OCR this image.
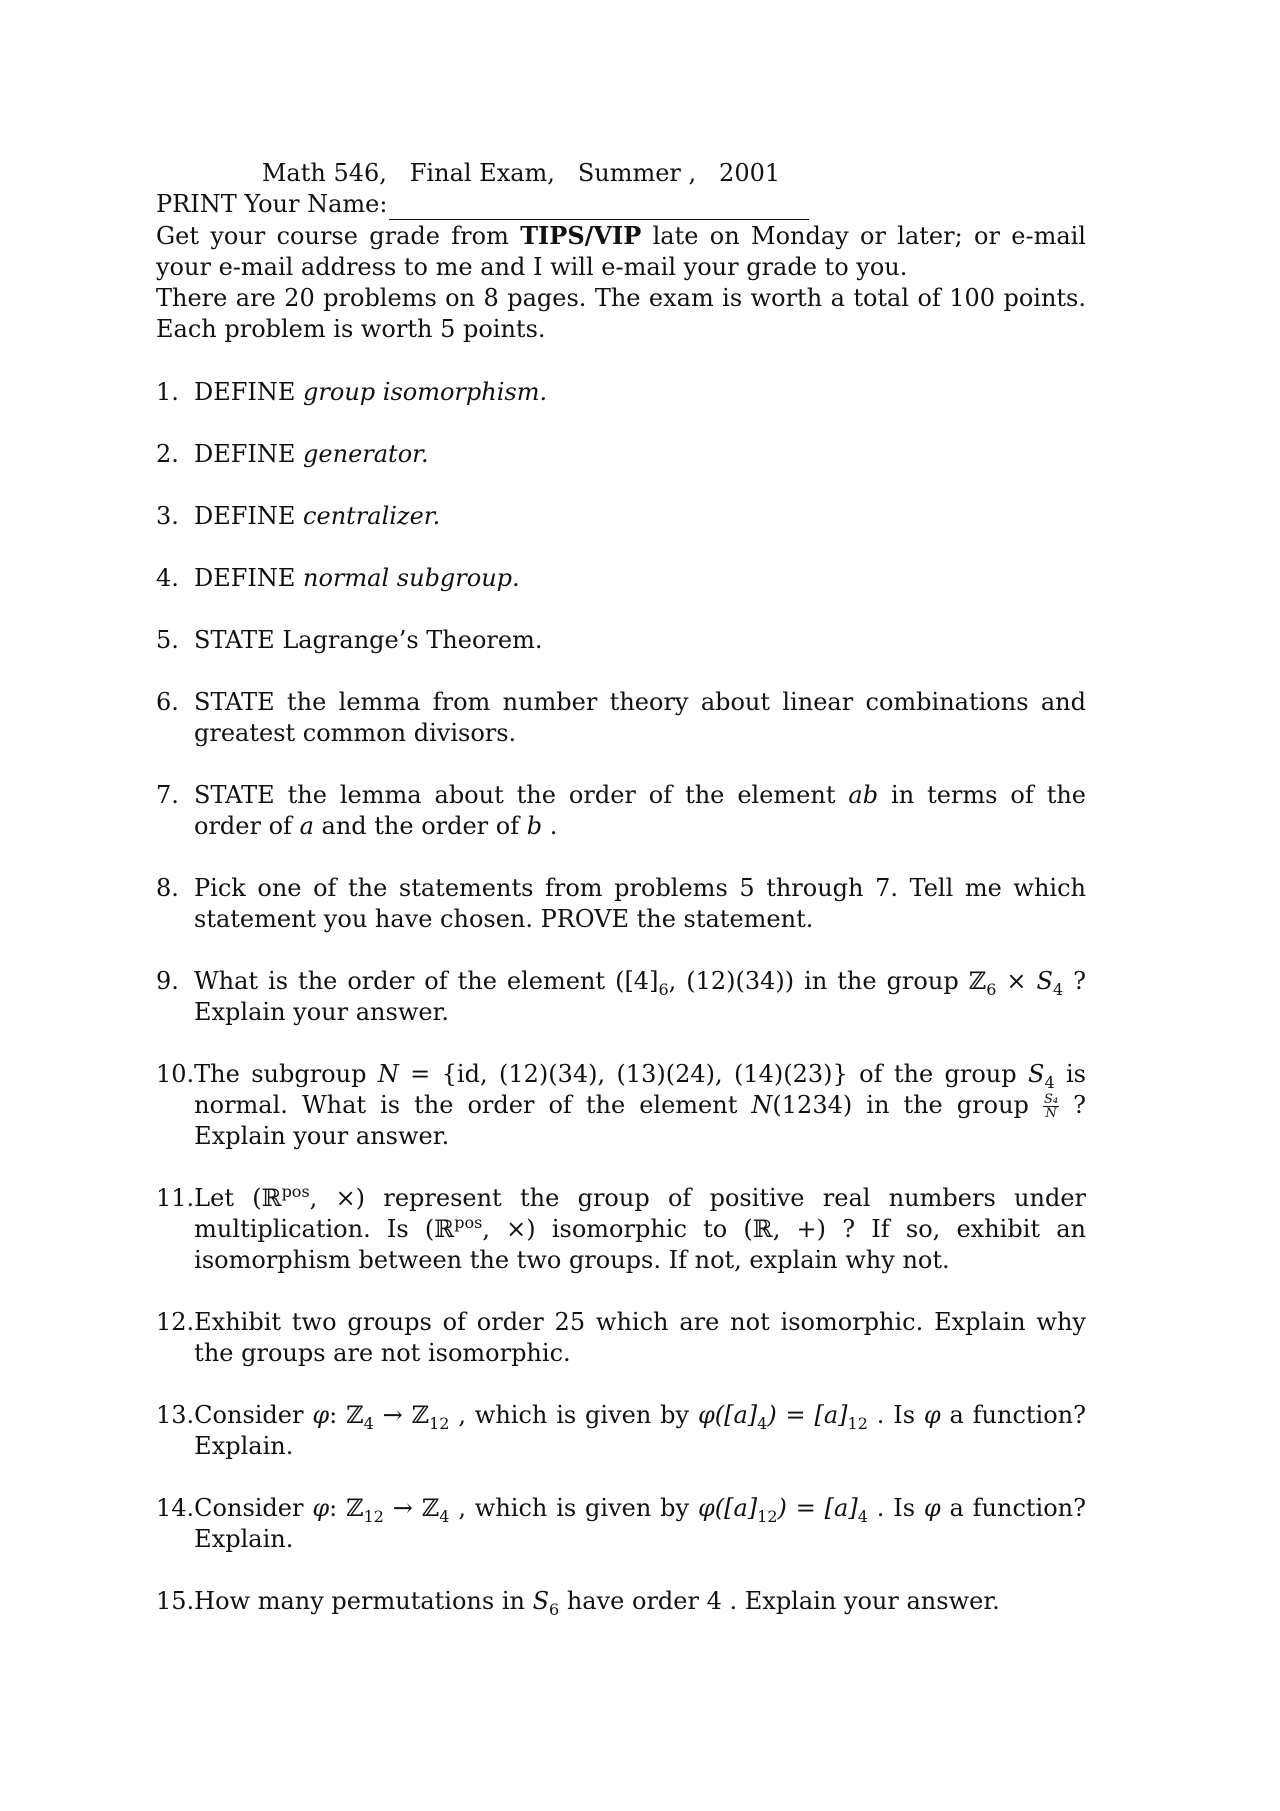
Math 546,   Final Exam,   Summer ,   2001
PRINT Your Name:

Get your course grade from TIPS/VIP late on Monday or later; or e-mail your e-mail address to me and I will e-mail your grade to you.

There are 20 problems on 8 pages. The exam is worth a total of 100 points. Each problem is worth 5 points.

1. DEFINE group isomorphism.
2. DEFINE generator.
3. DEFINE centralizer.
4. DEFINE normal subgroup.
5. STATE Lagrange’s Theorem.
6. STATE the lemma from number theory about linear combinations and greatest common divisors.
7. STATE the lemma about the order of the element ab in terms of the order of a and the order of b .
8. Pick one of the statements from problems 5 through 7. Tell me which statement you have chosen. PROVE the statement.
9. What is the order of the element ($[4]_6$, (12)(34)) in the group ℤ$_6$ × $S_4$ ? Explain your answer.
10. The subgroup N = {id, (12)(34), (13)(24), (14)(23)} of the group $S_4$ is normal. What is the order of the element N(1234) in the group $\frac{\text{S₄}}{N}$ ? Explain your answer.
11. Let (ℝ$^{pos}$, ×) represent the group of positive real numbers under multiplication. Is (ℝ$^{pos}$, ×) isomorphic to (ℝ, +) ? If so, exhibit an isomorphism between the two groups. If not, explain why not.
12. Exhibit two groups of order 25 which are not isomorphic. Explain why the groups are not isomorphic.
13. Consider φ: ℤ$_4$ → ℤ$_{12}$ , which is given by $\varphi([a]_4) = [a]_{12}$ . Is φ a function? Explain.
14. Consider φ: ℤ$_{12}$ → ℤ$_4$ , which is given by $\varphi([a]_{12}) = [a]_4$ . Is φ a function? Explain.
15. How many permutations in $S_6$ have order 4 . Explain your answer.
